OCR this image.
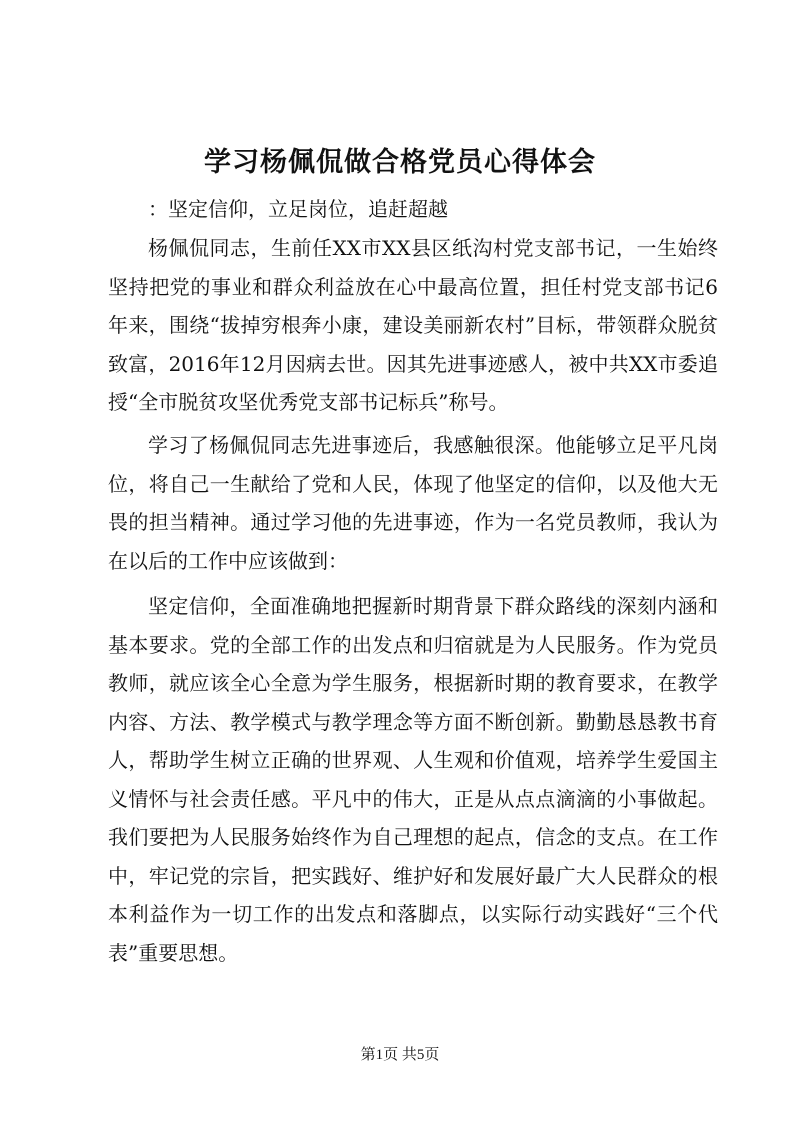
学习杨佩侃做合格党员心得体会
：坚定信仰，立足岗位，追赶超越

杨佩侃同志，生前任XX市XX县区纸沟村党支部书记，一生始终坚持把党的事业和群众利益放在心中最高位置，担任村党支部书记6年来，围绕“拔掉穷根奔小康，建设美丽新农村”目标，带领群众脱贫致富，2016年12月因病去世。因其先进事迹感人，被中共XX市委追授“全市脱贫攻坚优秀党支部书记标兵”称号。

学习了杨佩侃同志先进事迹后，我感触很深。他能够立足平凡岗位，将自己一生献给了党和人民，体现了他坚定的信仰，以及他大无畏的担当精神。通过学习他的先进事迹，作为一名党员教师，我认为在以后的工作中应该做到：

坚定信仰，全面准确地把握新时期背景下群众路线的深刻内涵和基本要求。党的全部工作的出发点和归宿就是为人民服务。作为党员教师，就应该全心全意为学生服务，根据新时期的教育要求，在教学内容、方法、教学模式与教学理念等方面不断创新。勤勤恳恳教书育人，帮助学生树立正确的世界观、人生观和价值观，培养学生爱国主义情怀与社会责任感。平凡中的伟大，正是从点点滴滴的小事做起。我们要把为人民服务始终作为自己理想的起点，信念的支点。在工作中，牢记党的宗旨，把实践好、维护好和发展好最广大人民群众的根本利益作为一切工作的出发点和落脚点，以实际行动实践好“三个代表”重要思想。

第1页 共5页
